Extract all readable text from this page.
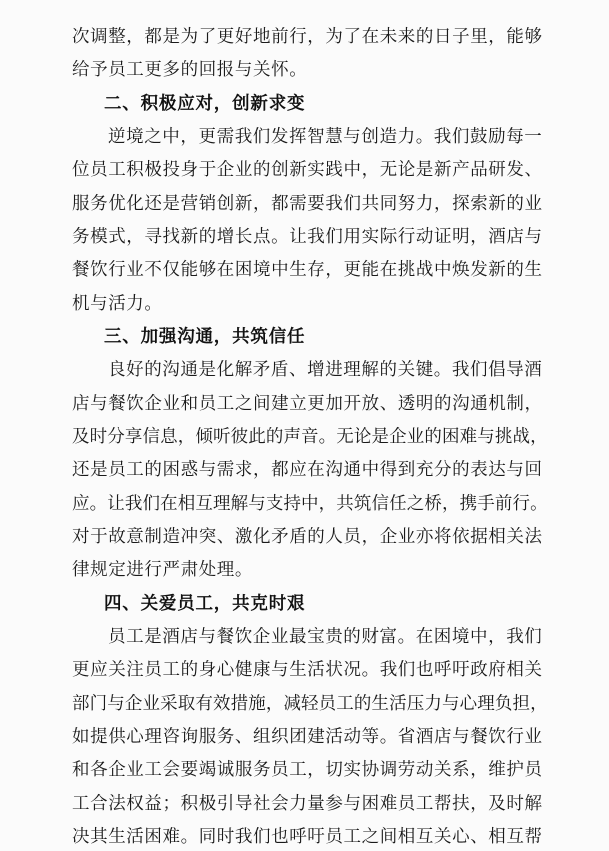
次调整，都是为了更好地前行，为了在未来的日子里，能够
给予员工更多的回报与关怀。
二、积极应对，创新求变
逆境之中，更需我们发挥智慧与创造力。我们鼓励每一
位员工积极投身于企业的创新实践中，无论是新产品研发、
服务优化还是营销创新，都需要我们共同努力，探索新的业
务模式，寻找新的增长点。让我们用实际行动证明，酒店与
餐饮行业不仅能够在困境中生存，更能在挑战中焕发新的生
机与活力。
三、加强沟通，共筑信任
良好的沟通是化解矛盾、增进理解的关键。我们倡导酒
店与餐饮企业和员工之间建立更加开放、透明的沟通机制，
及时分享信息，倾听彼此的声音。无论是企业的困难与挑战，
还是员工的困惑与需求，都应在沟通中得到充分的表达与回
应。让我们在相互理解与支持中，共筑信任之桥，携手前行。
对于故意制造冲突、激化矛盾的人员，企业亦将依据相关法
律规定进行严肃处理。
四、关爱员工，共克时艰
员工是酒店与餐饮企业最宝贵的财富。在困境中，我们
更应关注员工的身心健康与生活状况。我们也呼吁政府相关
部门与企业采取有效措施，减轻员工的生活压力与心理负担，
如提供心理咨询服务、组织团建活动等。省酒店与餐饮行业
和各企业工会要竭诚服务员工，切实协调劳动关系，维护员
工合法权益；积极引导社会力量参与困难员工帮扶，及时解
决其生活困难。同时我们也呼吁员工之间相互关心、相互帮
